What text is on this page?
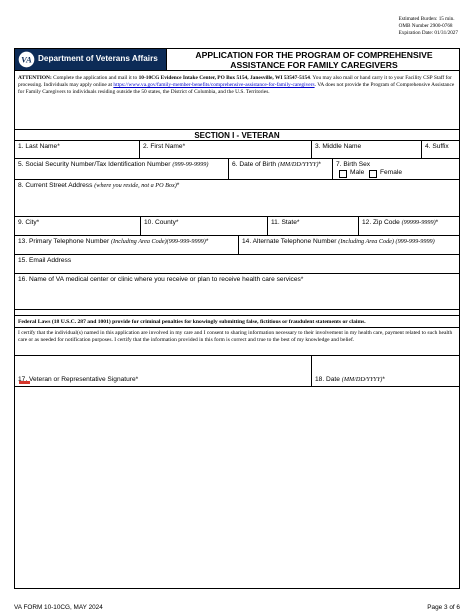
Estimated Burden: 15 min.
OMB Number 2900-0768
Expiration Date: 01/31/2027
VA Department of Veterans Affairs	APPLICATION FOR THE PROGRAM OF COMPREHENSIVE
ASSISTANCE FOR FAMILY CAREGIVERS
ATTENTION: Complete the application and mail it to 10-10CG Evidence Intake Center, PO Box 5154, Janesville, WI 53547-5154. You may also mail or hand carry it to your Facility CSP Staff for processing. Individuals may apply online at https://www.va.gov/family-member-benefits/comprehensive-assistance-for-family-caregivers. VA does not provide the Program of Comprehensive Assistance for Family Caregivers to individuals residing outside the 50 states, the District of Columbia, and the U.S. Territories.
SECTION I - VETERAN
1. Last Name*	2. First Name*	3. Middle Name	4. Suffix
5. Social Security Number/Tax Identification Number (999-99-9999)	6. Date of Birth (MM/DD/YYYY)* 7. Birth Sex
Male Female
8. Current Street Address (where you reside, not a PO Box)*
9. City*	10. County*	11. State*	12. Zip Code (99999-9999)*
13. Primary Telephone Number (Including Area Code)(999-999-9999)*	14. Alternate Telephone Number (Including Area Code) (999-999-9999)
15. Email Address
16. Name of VA medical center or clinic where you receive or plan to receive health care services*
Federal Laws (18 U.S.C. 287 and 1001) provide for criminal penalties for knowingly submitting false, fictitious or fraudulent statements or claims.
I certify that the individual(s) named in this application are involved in my care and I consent to sharing information necessary to their involvement in my health care, payment related to such health care or as needed for notification purposes. I certify that the information provided in this form is correct and true to the best of my knowledge and belief.
17. Veteran or Representative Signature*	18. Date (MM/DD/YYYY)*
VA FORM 10-10CG, MAY 2024	Page 3 of 6
